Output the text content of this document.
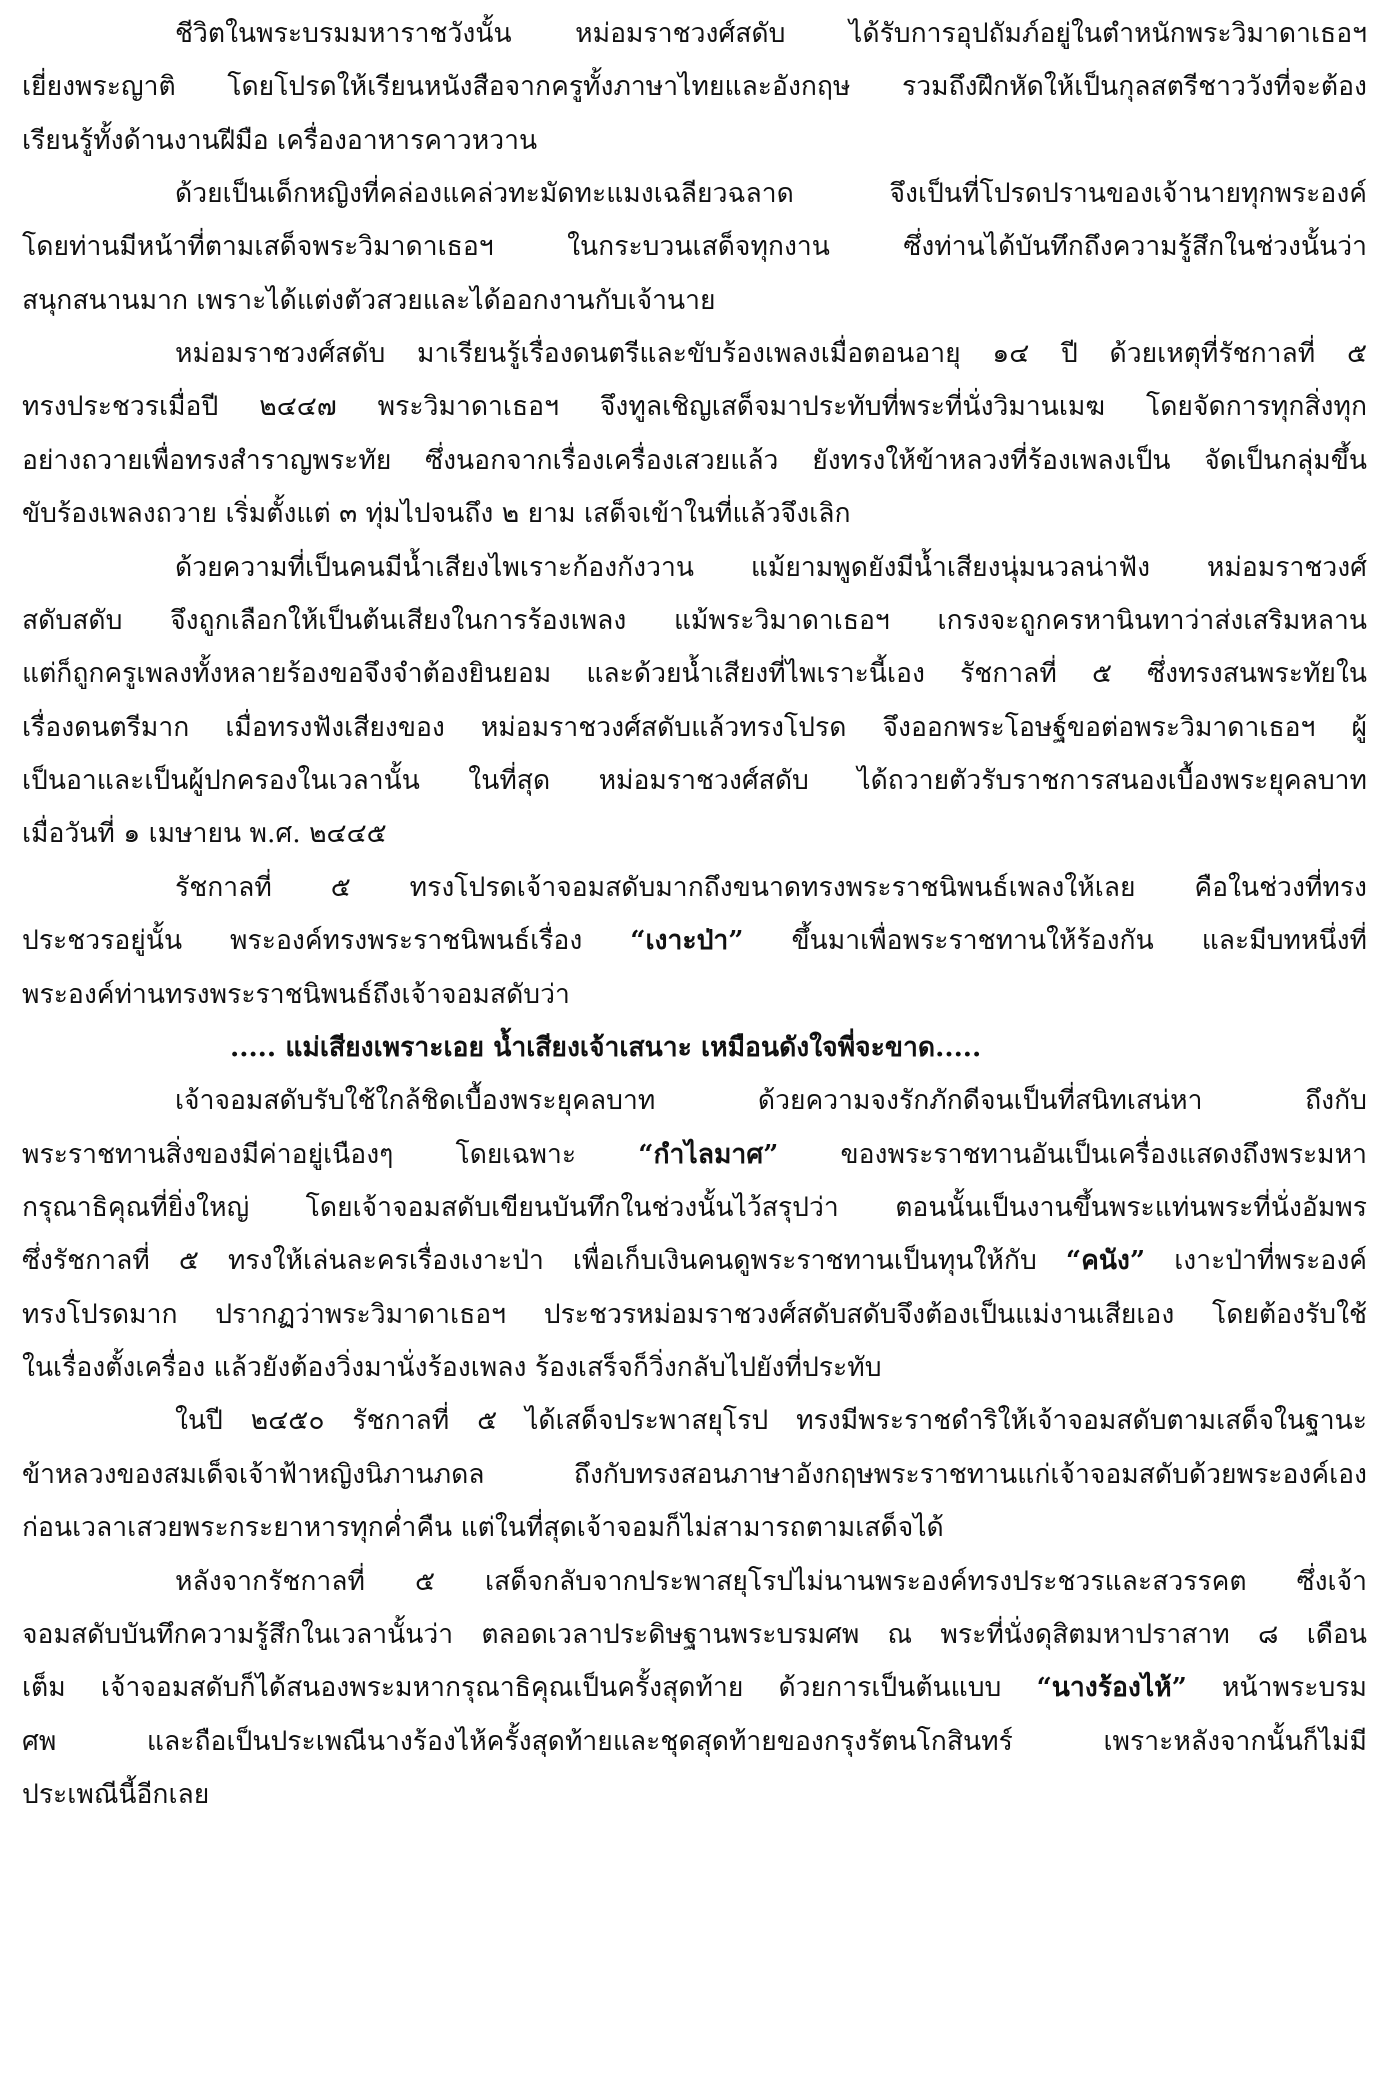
ชีวิตในพระบรมมหาราชวังนั้น หม่อมราชวงศ์สดับ ได้รับการอุปถัมภ์อยู่ในตำหนักพระวิมาดาเธอฯ
เยี่ยงพระญาติ โดยโปรดให้เรียนหนังสือจากครูทั้งภาษาไทยและอังกฤษ รวมถึงฝึกหัดให้เป็นกุลสตรีชาววังที่จะต้อง
เรียนรู้ทั้งด้านงานฝีมือ เครื่องอาหารคาวหวาน
ด้วยเป็นเด็กหญิงที่คล่องแคล่วทะมัดทะแมงเฉลียวฉลาด จึงเป็นที่โปรดปรานของเจ้านายทุกพระองค์
โดยท่านมีหน้าที่ตามเสด็จพระวิมาดาเธอฯ ในกระบวนเสด็จทุกงาน ซึ่งท่านได้บันทึกถึงความรู้สึกในช่วงนั้นว่า
สนุกสนานมาก เพราะได้แต่งตัวสวยและได้ออกงานกับเจ้านาย
หม่อมราชวงศ์สดับ มาเรียนรู้เรื่องดนตรีและขับร้องเพลงเมื่อตอนอายุ ๑๔ ปี ด้วยเหตุที่รัชกาลที่ ๕
ทรงประชวรเมื่อปี ๒๔๔๗ พระวิมาดาเธอฯ จึงทูลเชิญเสด็จมาประทับที่พระที่นั่งวิมานเมฆ โดยจัดการทุกสิ่งทุก
อย่างถวายเพื่อทรงสำราญพระทัย ซึ่งนอกจากเรื่องเครื่องเสวยแล้ว ยังทรงให้ข้าหลวงที่ร้องเพลงเป็น จัดเป็นกลุ่มขึ้น
ขับร้องเพลงถวาย เริ่มตั้งแต่ ๓ ทุ่มไปจนถึง ๒ ยาม เสด็จเข้าในที่แล้วจึงเลิก
ด้วยความที่เป็นคนมีน้ำเสียงไพเราะก้องกังวาน แม้ยามพูดยังมีน้ำเสียงนุ่มนวลน่าฟัง หม่อมราชวงศ์
สดับสดับ จึงถูกเลือกให้เป็นต้นเสียงในการร้องเพลง แม้พระวิมาดาเธอฯ เกรงจะถูกครหานินทาว่าส่งเสริมหลาน
แต่ก็ถูกครูเพลงทั้งหลายร้องขอจึงจำต้องยินยอม และด้วยน้ำเสียงที่ไพเราะนี้เอง รัชกาลที่ ๕ ซึ่งทรงสนพระทัยใน
เรื่องดนตรีมาก เมื่อทรงฟังเสียงของ หม่อมราชวงศ์สดับแล้วทรงโปรด จึงออกพระโอษฐ์ขอต่อพระวิมาดาเธอฯ ผู้
เป็นอาและเป็นผู้ปกครองในเวลานั้น ในที่สุด หม่อมราชวงศ์สดับ ได้ถวายตัวรับราชการสนองเบื้องพระยุคลบาท
เมื่อวันที่ ๑ เมษายน พ.ศ. ๒๔๔๕
รัชกาลที่ ๕ ทรงโปรดเจ้าจอมสดับมากถึงขนาดทรงพระราชนิพนธ์เพลงให้เลย คือในช่วงที่ทรง
ประชวรอยู่นั้น พระองค์ทรงพระราชนิพนธ์เรื่อง “เงาะป่า” ขึ้นมาเพื่อพระราชทานให้ร้องกัน และมีบทหนึ่งที่
พระองค์ท่านทรงพระราชนิพนธ์ถึงเจ้าจอมสดับว่า
..... แม่เสียงเพราะเอย น้ำเสียงเจ้าเสนาะ เหมือนดังใจพี่จะขาด.....
เจ้าจอมสดับรับใช้ใกล้ชิดเบื้องพระยุคลบาท ด้วยความจงรักภักดีจนเป็นที่สนิทเสน่หา ถึงกับ
พระราชทานสิ่งของมีค่าอยู่เนืองๆ โดยเฉพาะ “กำไลมาศ” ของพระราชทานอันเป็นเครื่องแสดงถึงพระมหา
กรุณาธิคุณที่ยิ่งใหญ่ โดยเจ้าจอมสดับเขียนบันทึกในช่วงนั้นไว้สรุปว่า ตอนนั้นเป็นงานขึ้นพระแท่นพระที่นั่งอัมพร
ซึ่งรัชกาลที่ ๕ ทรงให้เล่นละครเรื่องเงาะป่า เพื่อเก็บเงินคนดูพระราชทานเป็นทุนให้กับ “คนัง” เงาะป่าที่พระองค์
ทรงโปรดมาก ปรากฏว่าพระวิมาดาเธอฯ ประชวรหม่อมราชวงศ์สดับสดับจึงต้องเป็นแม่งานเสียเอง โดยต้องรับใช้
ในเรื่องตั้งเครื่อง แล้วยังต้องวิ่งมานั่งร้องเพลง ร้องเสร็จก็วิ่งกลับไปยังที่ประทับ
ในปี ๒๔๕๐ รัชกาลที่ ๕ ได้เสด็จประพาสยุโรป ทรงมีพระราชดำริให้เจ้าจอมสดับตามเสด็จในฐานะ
ข้าหลวงของสมเด็จเจ้าฟ้าหญิงนิภานภดล ถึงกับทรงสอนภาษาอังกฤษพระราชทานแก่เจ้าจอมสดับด้วยพระองค์เอง
ก่อนเวลาเสวยพระกระยาหารทุกค่ำคืน แต่ในที่สุดเจ้าจอมก็ไม่สามารถตามเสด็จได้
หลังจากรัชกาลที่ ๕ เสด็จกลับจากประพาสยุโรปไม่นานพระองค์ทรงประชวรและสวรรคต ซึ่งเจ้า
จอมสดับบันทึกความรู้สึกในเวลานั้นว่า ตลอดเวลาประดิษฐานพระบรมศพ ณ พระที่นั่งดุสิตมหาปราสาท ๘ เดือน
เต็ม เจ้าจอมสดับก็ได้สนองพระมหากรุณาธิคุณเป็นครั้งสุดท้าย ด้วยการเป็นต้นแบบ “นางร้องไห้” หน้าพระบรม
ศพ และถือเป็นประเพณีนางร้องไห้ครั้งสุดท้ายและชุดสุดท้ายของกรุงรัตนโกสินทร์ เพราะหลังจากนั้นก็ไม่มี
ประเพณีนี้อีกเลย
